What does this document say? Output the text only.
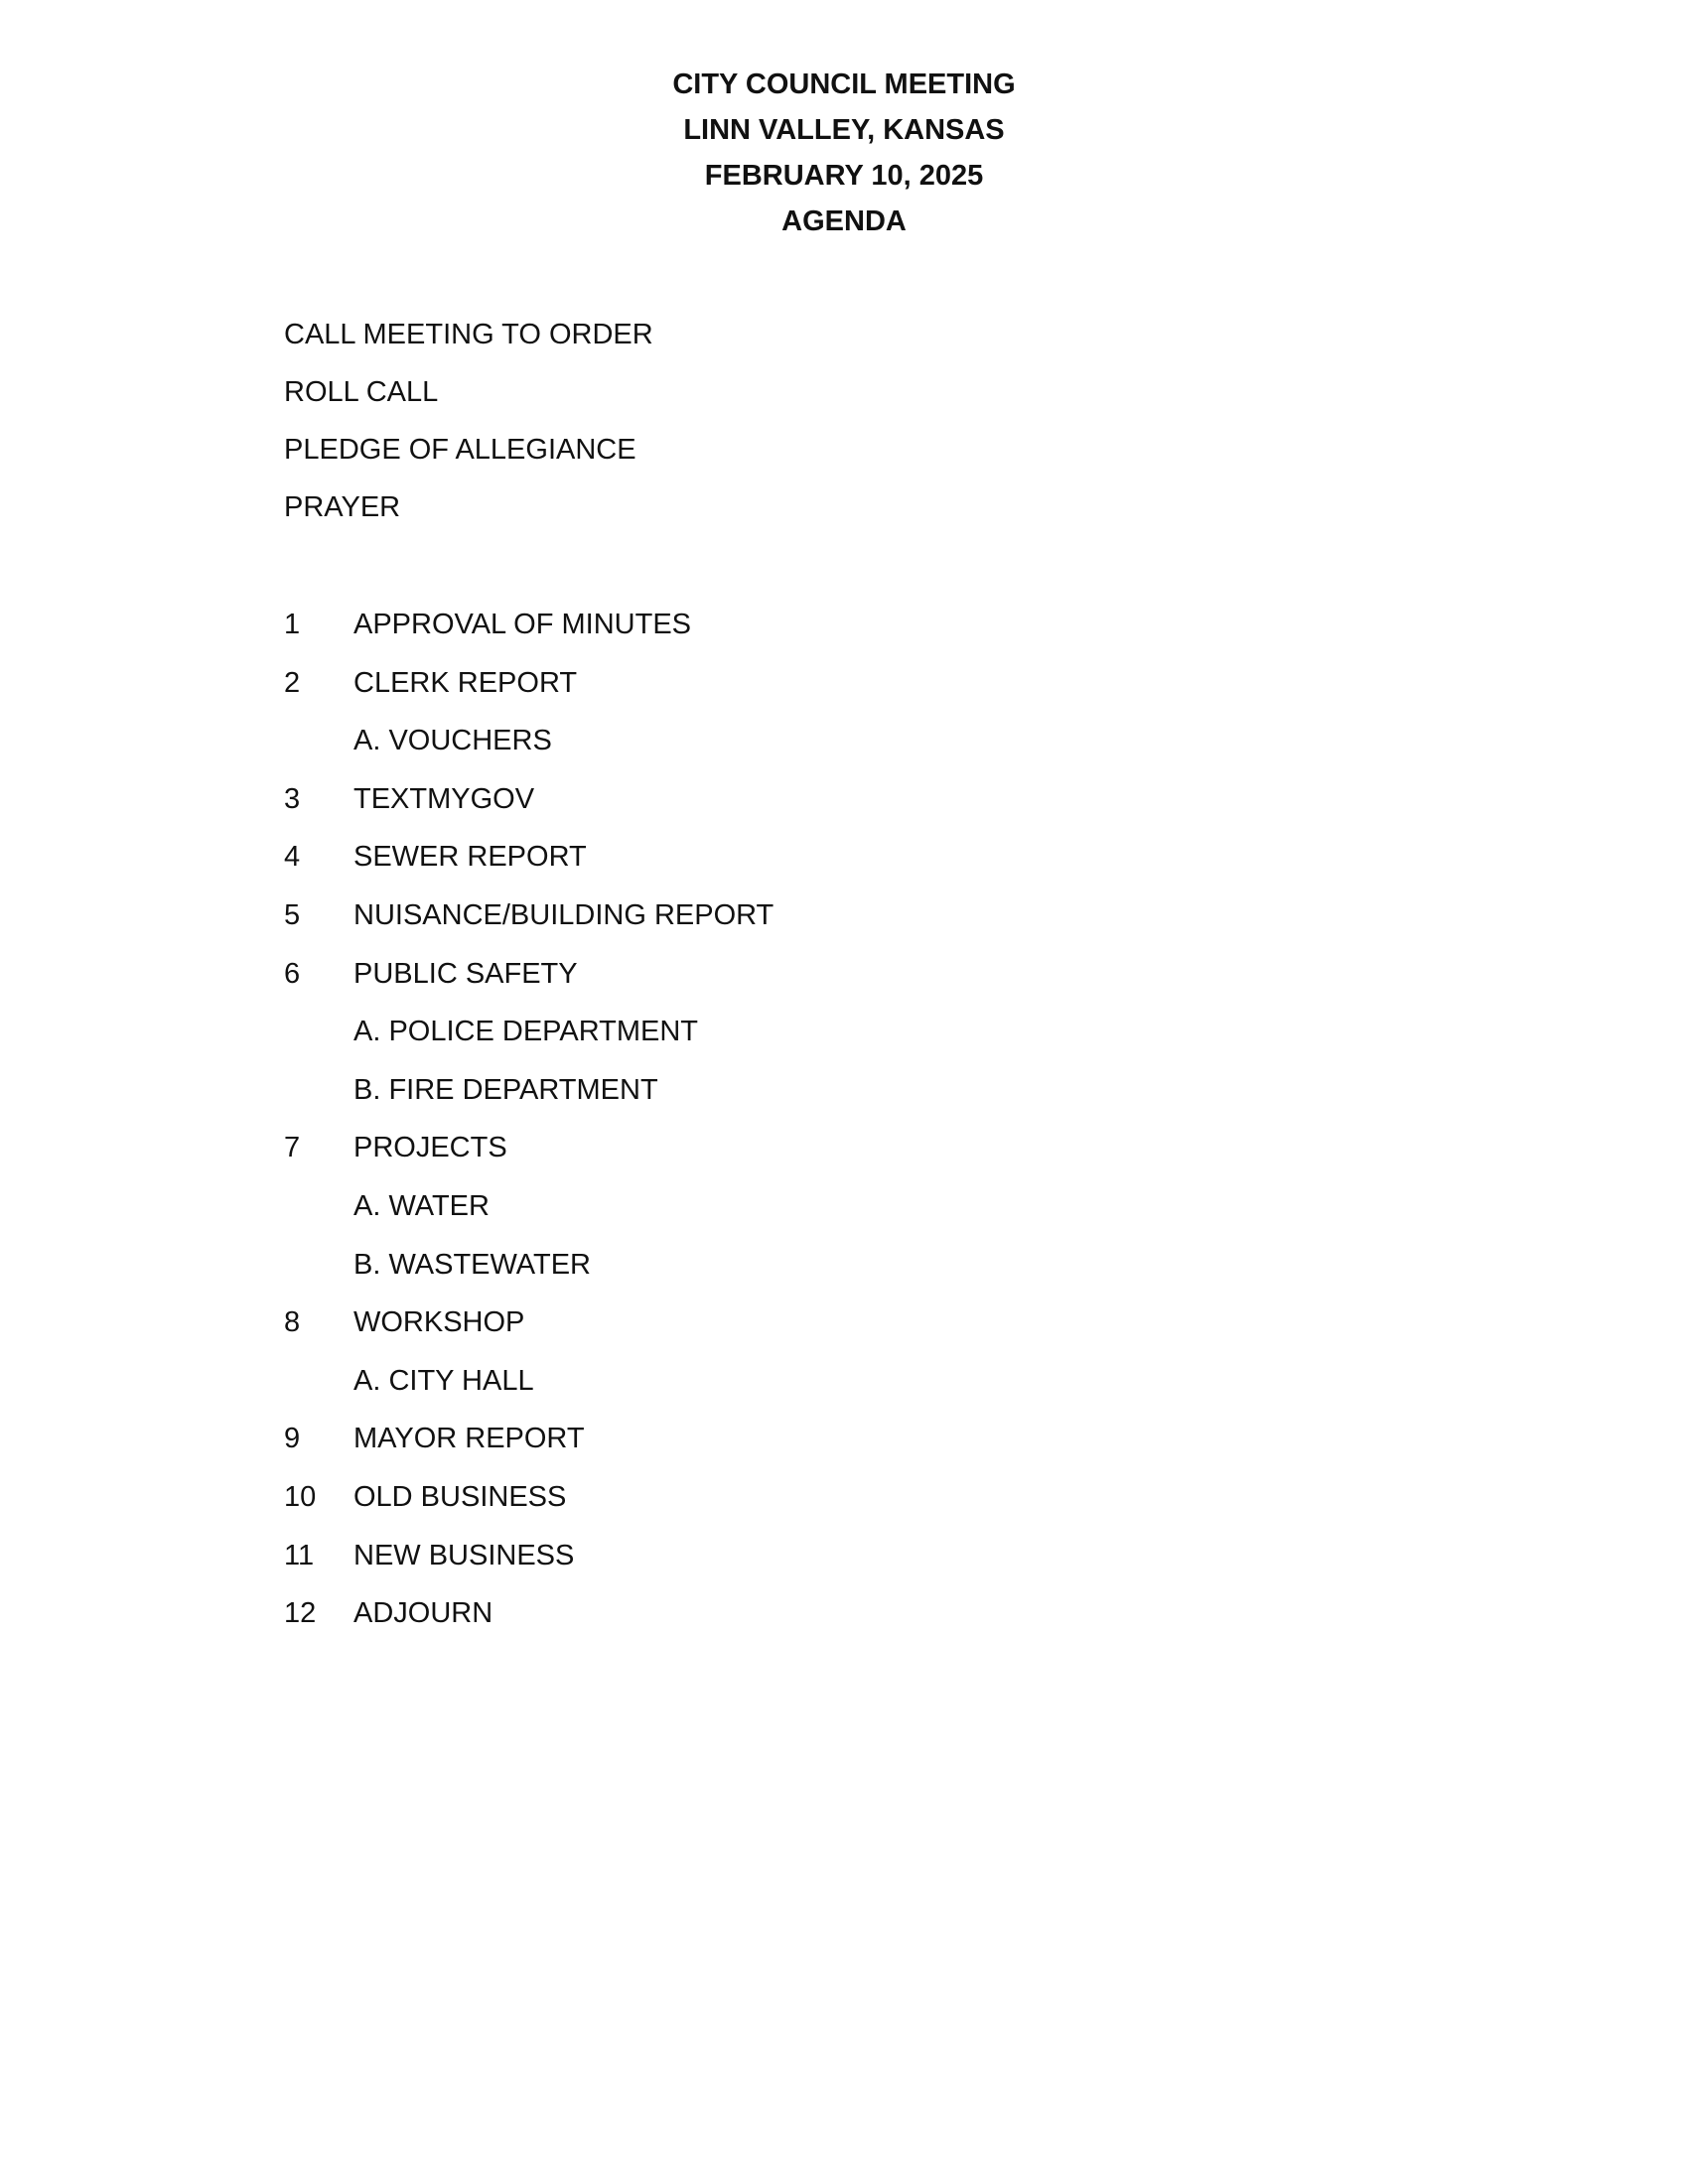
CITY COUNCIL MEETING
LINN VALLEY, KANSAS
FEBRUARY 10, 2025
AGENDA
CALL MEETING TO ORDER
ROLL CALL
PLEDGE OF ALLEGIANCE
PRAYER
1	APPROVAL OF MINUTES
2	CLERK REPORT
A. VOUCHERS
3	TEXTMYGOV
4	SEWER REPORT
5	NUISANCE/BUILDING REPORT
6	PUBLIC SAFETY
A. POLICE DEPARTMENT
B. FIRE DEPARTMENT
7	PROJECTS
A. WATER
B. WASTEWATER
8	WORKSHOP
A. CITY HALL
9	MAYOR REPORT
10	OLD BUSINESS
11	NEW BUSINESS
12	ADJOURN
